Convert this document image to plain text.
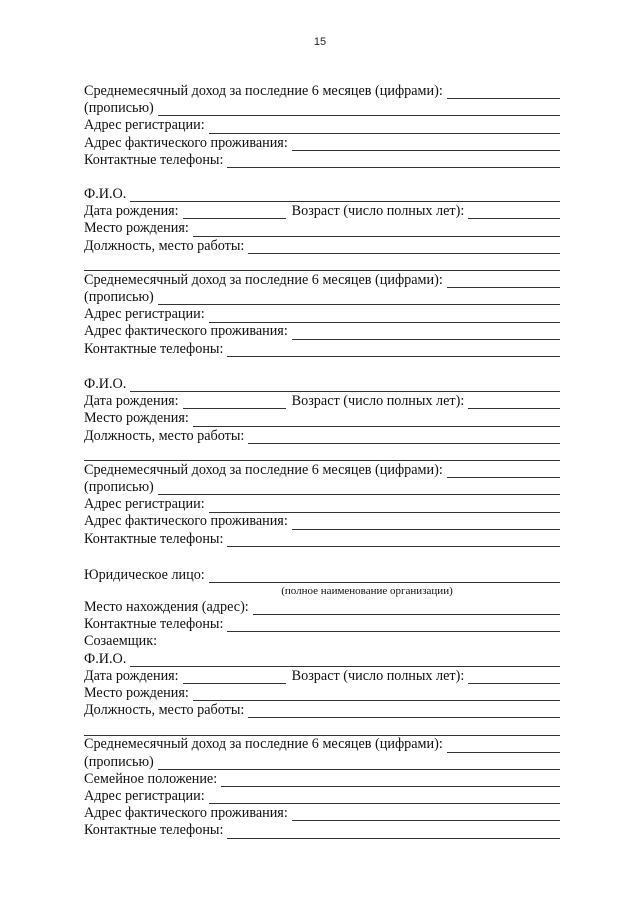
15
Среднемесячный доход за последние 6 месяцев (цифрами):
(прописью)
Адрес регистрации:
Адрес фактического проживания:
Контактные телефоны:
Ф.И.О.
Дата рождения:	Возраст (число полных лет):
Место рождения:
Должность, место работы:
Среднемесячный доход за последние 6 месяцев (цифрами):
(прописью)
Адрес регистрации:
Адрес фактического проживания:
Контактные телефоны:
Ф.И.О.
Дата рождения:	Возраст (число полных лет):
Место рождения:
Должность, место работы:
Среднемесячный доход за последние 6 месяцев (цифрами):
(прописью)
Адрес регистрации:
Адрес фактического проживания:
Контактные телефоны:
Юридическое лицо:
(полное наименование организации)
Место нахождения (адрес):
Контактные телефоны:
Созаемщик:
Ф.И.О.
Дата рождения:	Возраст (число полных лет):
Место рождения:
Должность, место работы:
Среднемесячный доход за последние 6 месяцев (цифрами):
(прописью)
Семейное положение:
Адрес регистрации:
Адрес фактического проживания:
Контактные телефоны:
